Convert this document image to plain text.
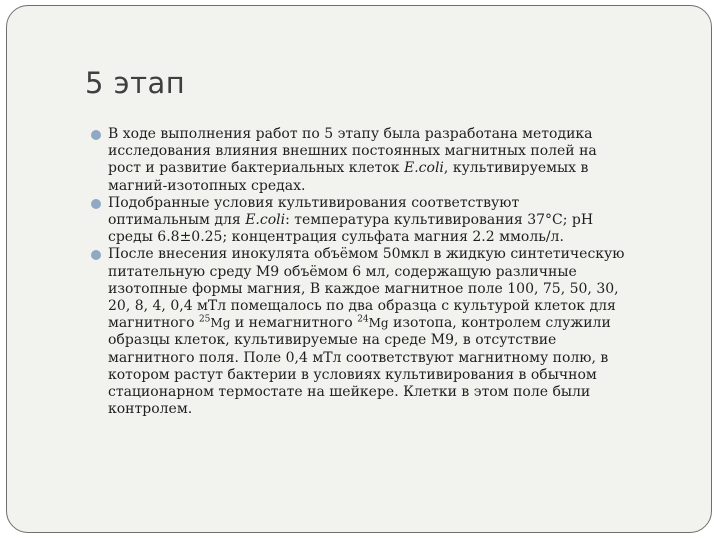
5 этап
В ходе выполнения работ по 5 этапу была разработана методика
исследования влияния внешних постоянных магнитных полей на
рост и развитие бактериальных клеток E.coli, культивируемых в
магний-изотопных средах.
Подобранные условия культивирования соответствуют
оптимальным для E.coli: температура культивирования 37°С; рН
среды 6.8±0.25; концентрация сульфата магния 2.2 ммоль/л.
После внесения инокулята объёмом 50мкл в жидкую синтетическую
питательную среду М9 объёмом 6 мл, содержащую различные
изотопные формы магния, В каждое магнитное поле 100, 75, 50, 30,
20, 8, 4, 0,4 мТл помещалось по два образца с культурой клеток для
магнитного $^{25}$Mg и немагнитного $^{24}$Mg изотопа, контролем служили
образцы клеток, культивируемые на среде М9, в отсутствие
магнитного поля. Поле 0,4 мТл соответствуют магнитному полю, в
котором растут бактерии в условиях культивирования в обычном
стационарном термостате на шейкере. Клетки в этом поле были
контролем.
